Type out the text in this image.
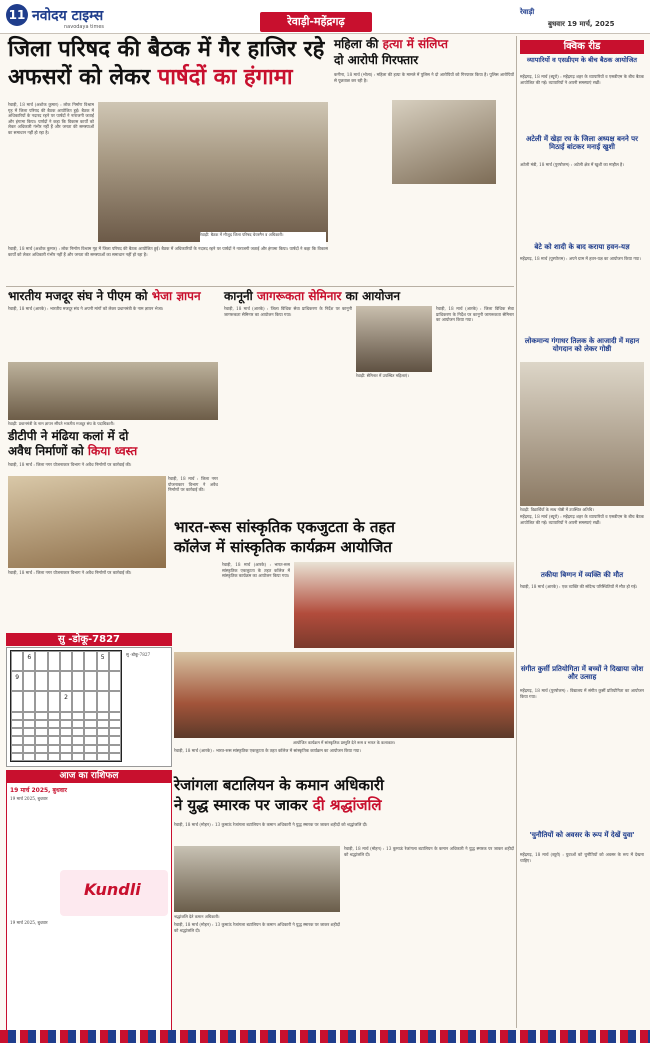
11 नवोदय टाइम्स
navodaya times	रेवाड़ी-महेंद्रगढ़
रेवाड़ी
बुधवार 19 मार्च, 2025
जिला परिषद की बैठक में गैर हाजिर रहे
अफसरों को लेकर पार्षदों का हंगामा
रेवाड़ी, 18 मार्च (अशोक कुमार) : लोक निर्माण विश्राम गृह में जिला परिषद की बैठक आयोजित हुई। बैठक में अधिकारियों के नदारद रहने पर पार्षदों ने नाराजगी जताई और हंगामा किया। पार्षदों ने कहा कि विकास कार्यों को लेकर अधिकारी गंभीर नहीं हैं और जनता की समस्याओं का समाधान नहीं हो रहा है।
रेवाड़ी: बैठक में मौजूद जिला परिषद चेयरमैन व अधिकारी।
रेवाड़ी, 18 मार्च (अशोक कुमार) : लोक निर्माण विश्राम गृह में जिला परिषद की बैठक आयोजित हुई। बैठक में अधिकारियों के नदारद रहने पर पार्षदों ने नाराजगी जताई और हंगामा किया। पार्षदों ने कहा कि विकास कार्यों को लेकर अधिकारी गंभीर नहीं हैं और जनता की समस्याओं का समाधान नहीं हो रहा है।
महिला की हत्या में संलिप्त
दो आरोपी गिरफ्तार
कनीना, 18 मार्च (भोला) : महिला की हत्या के मामले में पुलिस ने दो आरोपियों को गिरफ्तार किया है। पुलिस आरोपियों से पूछताछ कर रही है।
भारतीय मजदूर संघ ने पीएम को भेजा ज्ञापन
रेवाड़ी, 18 मार्च (आरके) : भारतीय मजदूर संघ ने अपनी मांगों को लेकर प्रधानमंत्री के नाम ज्ञापन भेजा।
रेवाड़ी: प्रधानमंत्री के नाम ज्ञापन सौंपते भारतीय मजदूर संघ के पदाधिकारी।
कानूनी जागरूकता सेमिनार का आयोजन
रेवाड़ी, 18 मार्च (आरके) : जिला विधिक सेवा प्राधिकरण के निर्देश पर कानूनी जागरूकता सेमिनार का आयोजन किया गया।
रेवाड़ी: सेमिनार में उपस्थित महिलाएं।
रेवाड़ी, 18 मार्च (आरके) : जिला विधिक सेवा प्राधिकरण के निर्देश पर कानूनी जागरूकता सेमिनार का आयोजन किया गया।
डीटीपी ने मंढिया कलां में दो
अवैध निर्माणों को किया ध्वस्त
रेवाड़ी, 18 मार्च : जिला नगर योजनाकार विभाग ने अवैध निर्माणों पर कार्रवाई की।
रेवाड़ी, 18 मार्च : जिला नगर योजनाकार विभाग ने अवैध निर्माणों पर कार्रवाई की।
रेवाड़ी, 18 मार्च : जिला नगर योजनाकार विभाग ने अवैध निर्माणों पर कार्रवाई की।
भारत-रूस सांस्कृतिक एकजुटता के तहत
कॉलेज में सांस्कृतिक कार्यक्रम आयोजित
रेवाड़ी, 18 मार्च (आरके) : भारत-रूस सांस्कृतिक एकजुटता के तहत कॉलेज में सांस्कृतिक कार्यक्रम का आयोजन किया गया।
आयोजित कार्यक्रम में सांस्कृतिक प्रस्तुति देते रूस व भारत के कलाकार।
रेवाड़ी, 18 मार्च (आरके) : भारत-रूस सांस्कृतिक एकजुटता के तहत कॉलेज में सांस्कृतिक कार्यक्रम का आयोजन किया गया।
सु -डोकू-7827
6	5
9
2
सु -डोकू-7827
आज का राशिफल
19 मार्च 2025, बुधवार
19 मार्च 2025, बुधवार
Kundli
19 मार्च 2025, बुधवार
रेजांगला बटालियन के कमान अधिकारी
ने युद्ध स्मारक पर जाकर दी श्रद्धांजलि
रेवाड़ी, 18 मार्च (मोहन) : 13 कुमाऊं रेजांगला बटालियन के कमान अधिकारी ने युद्ध स्मारक पर जाकर शहीदों को श्रद्धांजलि दी।
श्रद्धांजलि देते कमान अधिकारी।
रेवाड़ी, 18 मार्च (मोहन) : 13 कुमाऊं रेजांगला बटालियन के कमान अधिकारी ने युद्ध स्मारक पर जाकर शहीदों को श्रद्धांजलि दी।
रेवाड़ी, 18 मार्च (मोहन) : 13 कुमाऊं रेजांगला बटालियन के कमान अधिकारी ने युद्ध स्मारक पर जाकर शहीदों को श्रद्धांजलि दी।
क्विक रीड
व्यापारियों व एसडीएम के बीच बैठक आयोजित
महेंद्रगढ़, 18 मार्च (ब्यूरो) : महेंद्रगढ़ शहर के व्यापारियों व एसडीएम के बीच बैठक आयोजित की गई। व्यापारियों ने अपनी समस्याएं रखीं।
अटेली में खेड़ा रघ के जिला अध्यक्ष बनने पर मिठाई बांटकर मनाई खुशी
अटेली मंडी, 18 मार्च (पुरषोत्तम) : अटेली क्षेत्र में खुशी का माहौल है।
बेटे को शादी के बाद कराया हवन-यज्ञ
महेंद्रगढ़, 18 मार्च (पुरषोत्तम) : अपने ग्राम में हवन-यज्ञ का आयोजन किया गया।
लोकमान्य गंगाधर तिलक के आजादी में महान योगदान को लेकर गोष्ठी
रेवाड़ी: विद्यार्थियों के साथ गोष्ठी में उपस्थित अतिथि।
महेंद्रगढ़, 18 मार्च (ब्यूरो) : महेंद्रगढ़ शहर के व्यापारियों व एसडीएम के बीच बैठक आयोजित की गई। व्यापारियों ने अपनी समस्याएं रखीं।
तकीया बिग्गन में व्यक्ति की मौत
रेवाड़ी, 18 मार्च (आरके) : एक व्यक्ति की संदिग्ध परिस्थितियों में मौत हो गई।
संगीत कुर्सी प्रतियोगिता में बच्चों ने दिखाया जोश और उत्साह
महेंद्रगढ़, 18 मार्च (पुरषोत्तम) : विद्यालय में संगीत कुर्सी प्रतियोगिता का आयोजन किया गया।
'चुनौतियों को अवसर के रूप में देखें युवा'
महेंद्रगढ़, 18 मार्च (ब्यूरो) : युवाओं को चुनौतियों को अवसर के रूप में देखना चाहिए।
